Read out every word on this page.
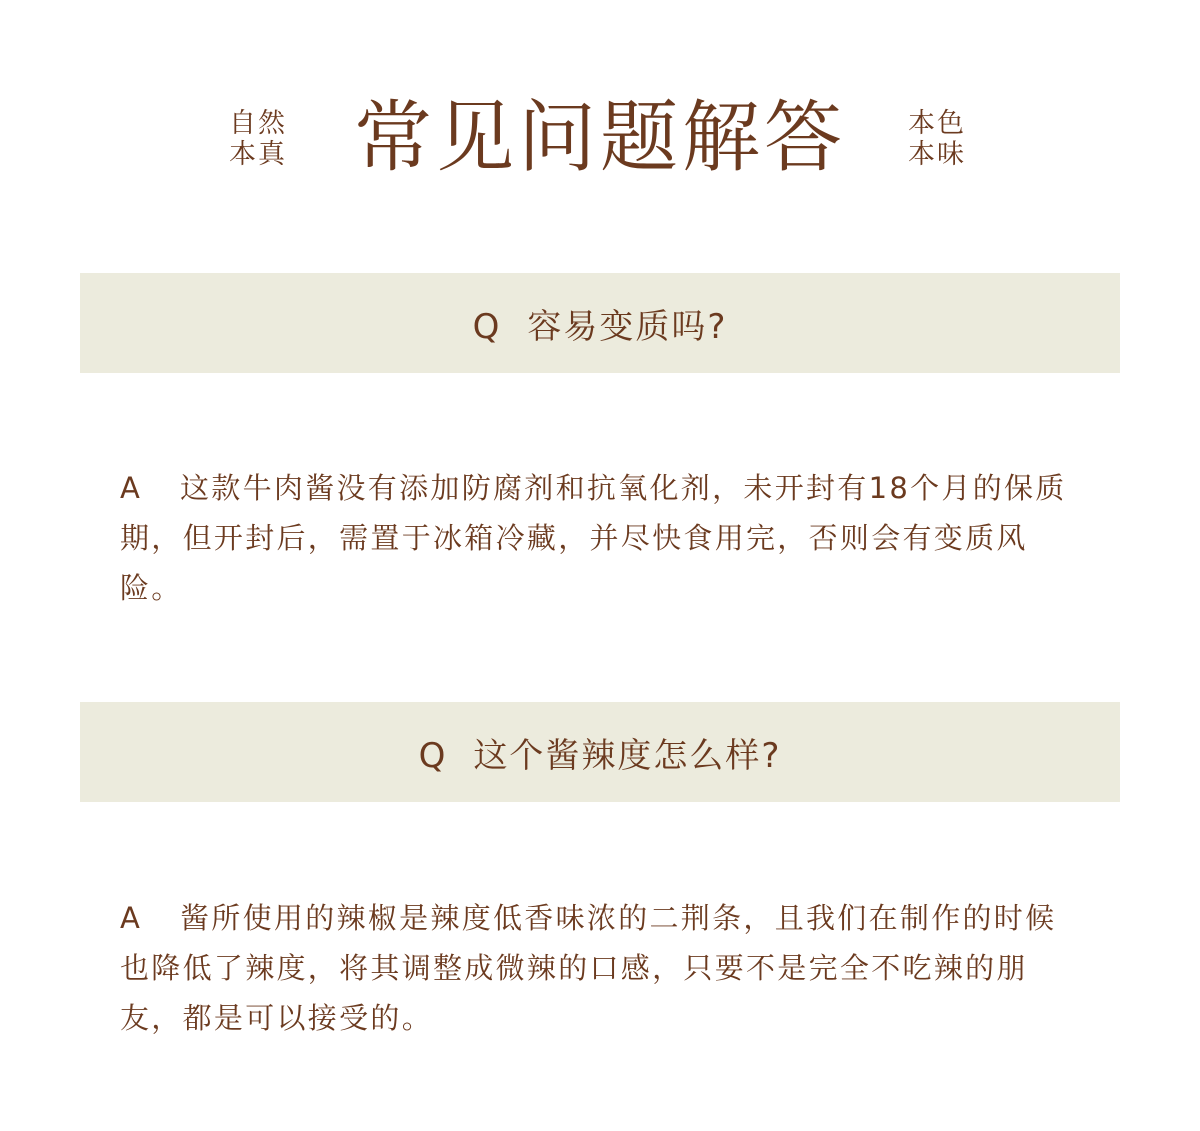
自然
本真 常见问题解答	本色
本味
Q 容易变质吗?
A 这款牛肉酱没有添加防腐剂和抗氧化剂，未开封有18个月的保质期，但开封后，需置于冰箱冷藏，并尽快食用完，否则会有变质风险。
Q 这个酱辣度怎么样?
A 酱所使用的辣椒是辣度低香味浓的二荆条，且我们在制作的时候也降低了辣度，将其调整成微辣的口感，只要不是完全不吃辣的朋友，都是可以接受的。
